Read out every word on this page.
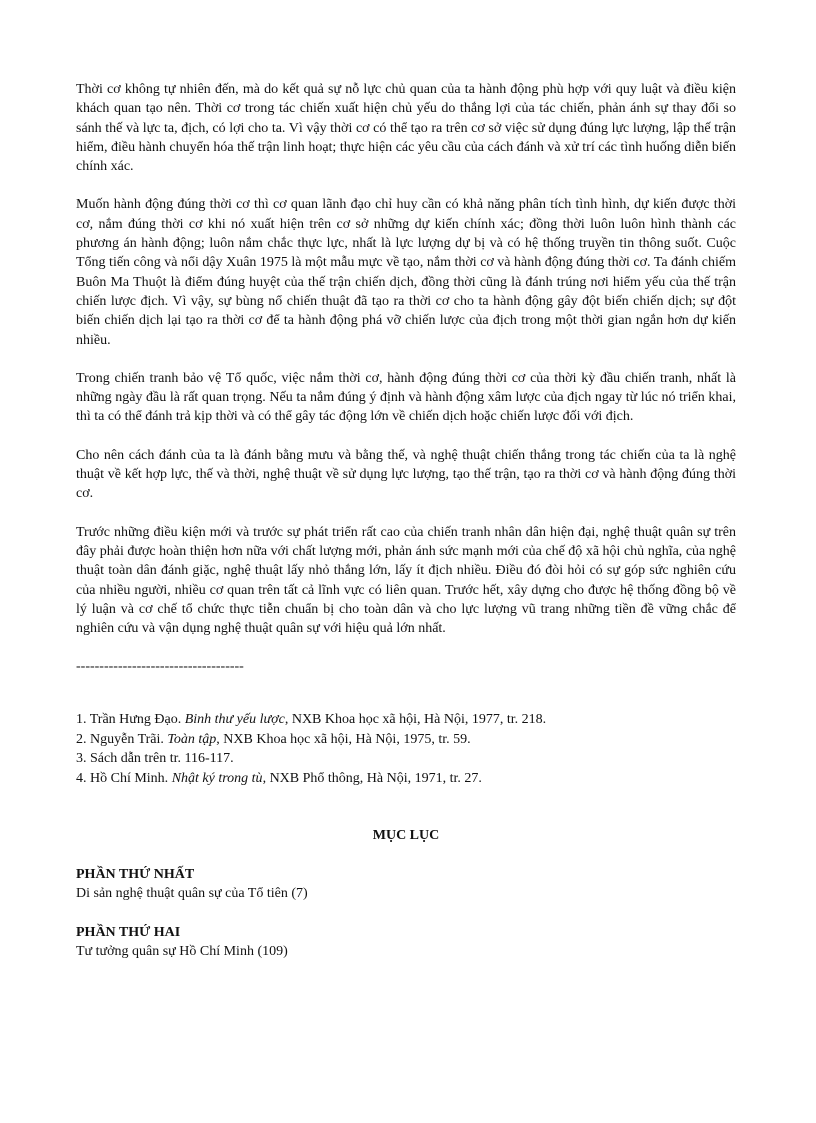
Thời cơ không tự nhiên đến, mà do kết quả sự nỗ lực chủ quan của ta hành động phù hợp với quy luật và điều kiện khách quan tạo nên. Thời cơ trong tác chiến xuất hiện chủ yếu do thắng lợi của tác chiến, phản ánh sự thay đổi so sánh thế và lực ta, địch, có lợi cho ta. Vì vậy thời cơ có thể tạo ra trên cơ sở việc sử dụng đúng lực lượng, lập thế trận hiểm, điều hành chuyển hóa thế trận linh hoạt; thực hiện các yêu cầu của cách đánh và xử trí các tình huống diễn biến chính xác.

Muốn hành động đúng thời cơ thì cơ quan lãnh đạo chỉ huy cần có khả năng phân tích tình hình, dự kiến được thời cơ, nắm đúng thời cơ khi nó xuất hiện trên cơ sở những dự kiến chính xác; đồng thời luôn luôn hình thành các phương án hành động; luôn nắm chắc thực lực, nhất là lực lượng dự bị và có hệ thống truyền tin thông suốt. Cuộc Tổng tiến công và nổi dậy Xuân 1975 là một mẫu mực về tạo, nắm thời cơ và hành động đúng thời cơ. Ta đánh chiếm Buôn Ma Thuột là điểm đúng huyệt của thế trận chiến dịch, đồng thời cũng là đánh trúng nơi hiểm yếu của thế trận chiến lược địch. Vì vậy, sự bùng nổ chiến thuật đã tạo ra thời cơ cho ta hành động gây đột biến chiến dịch; sự đột biến chiến dịch lại tạo ra thời cơ để ta hành động phá vỡ chiến lược của địch trong một thời gian ngắn hơn dự kiến nhiều.

Trong chiến tranh bảo vệ Tổ quốc, việc nắm thời cơ, hành động đúng thời cơ của thời kỳ đầu chiến tranh, nhất là những ngày đầu là rất quan trọng. Nếu ta nắm đúng ý định và hành động xâm lược của địch ngay từ lúc nó triển khai, thì ta có thể đánh trả kịp thời và có thể gây tác động lớn về chiến dịch hoặc chiến lược đối với địch.

Cho nên cách đánh của ta là đánh bằng mưu và bằng thế, và nghệ thuật chiến thắng trong tác chiến của ta là nghệ thuật về kết hợp lực, thế và thời, nghệ thuật về sử dụng lực lượng, tạo thế trận, tạo ra thời cơ và hành động đúng thời cơ.

Trước những điều kiện mới và trước sự phát triển rất cao của chiến tranh nhân dân hiện đại, nghệ thuật quân sự trên đây phải được hoàn thiện hơn nữa với chất lượng mới, phản ánh sức mạnh mới của chế độ xã hội chủ nghĩa, của nghệ thuật toàn dân đánh giặc, nghệ thuật lấy nhỏ thắng lớn, lấy ít địch nhiều. Điều đó đòi hỏi có sự góp sức nghiên cứu của nhiều người, nhiều cơ quan trên tất cả lĩnh vực có liên quan. Trước hết, xây dựng cho được hệ thống đồng bộ về lý luận và cơ chế tổ chức thực tiễn chuẩn bị cho toàn dân và cho lực lượng vũ trang những tiền đề vững chắc để nghiên cứu và vận dụng nghệ thuật quân sự với hiệu quả lớn nhất.

------------------------------------
1. Trần Hưng Đạo. Binh thư yếu lược, NXB Khoa học xã hội, Hà Nội, 1977, tr. 218.
2. Nguyễn Trãi. Toàn tập, NXB Khoa học xã hội, Hà Nội, 1975, tr. 59.
3. Sách dẫn trên tr. 116-117.
4. Hồ Chí Minh. Nhật ký trong tù, NXB Phổ thông, Hà Nội, 1971, tr. 27.
MỤC LỤC

PHẦN THỨ NHẤT

Di sản nghệ thuật quân sự của Tổ tiên (7)

PHẦN THỨ HAI

Tư tưởng quân sự Hồ Chí Minh (109)
